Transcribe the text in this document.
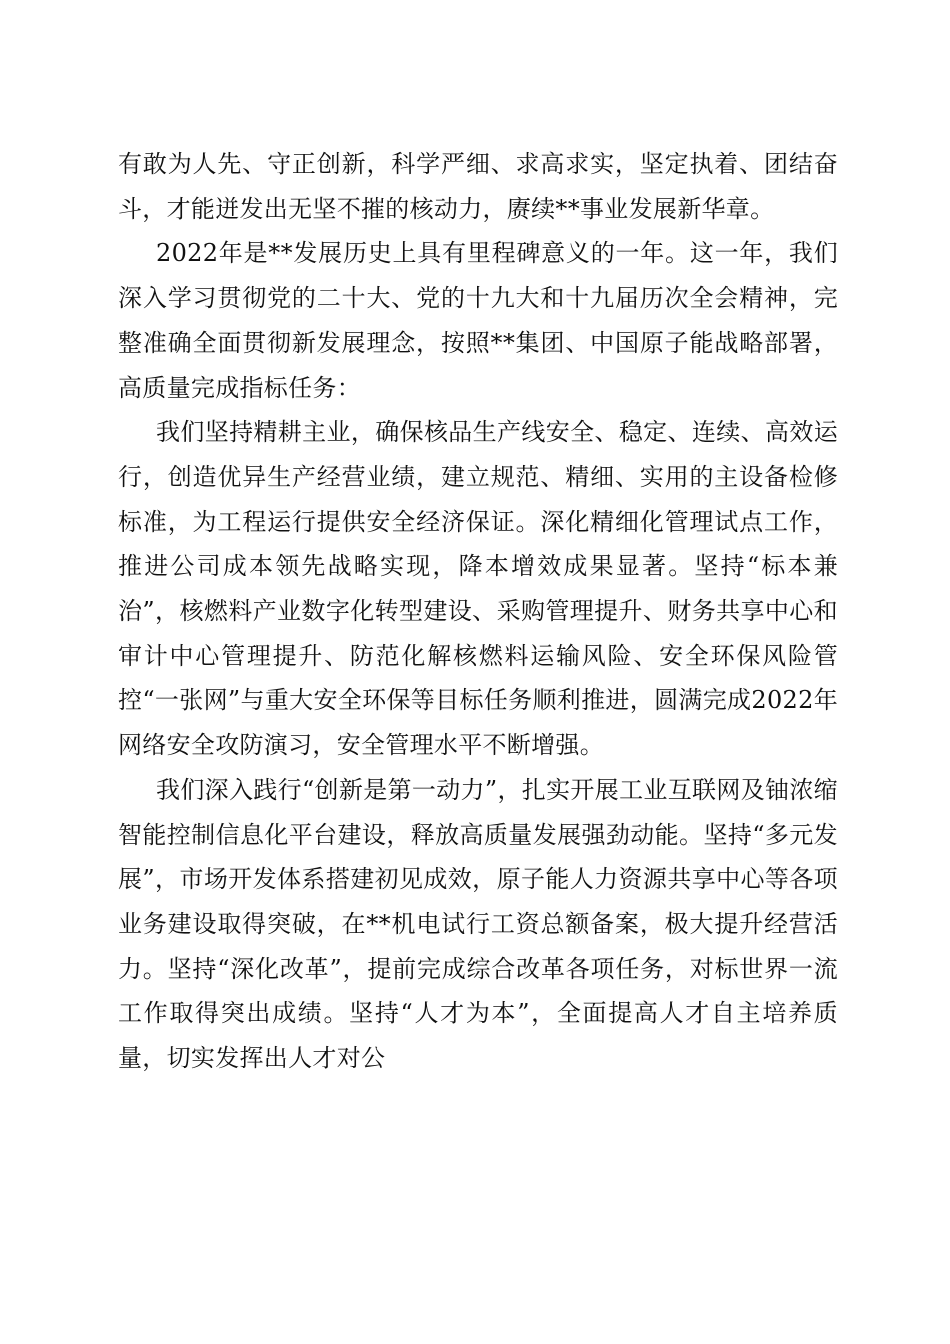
有敢为人先、守正创新，科学严细、求高求实，坚定执着、团结奋斗，才能迸发出无坚不摧的核动力，赓续**事业发展新华章。

2022年是**发展历史上具有里程碑意义的一年。这一年，我们深入学习贯彻党的二十大、党的十九大和十九届历次全会精神，完整准确全面贯彻新发展理念，按照**集团、中国原子能战略部署，高质量完成指标任务：

我们坚持精耕主业，确保核品生产线安全、稳定、连续、高效运行，创造优异生产经营业绩，建立规范、精细、实用的主设备检修标准，为工程运行提供安全经济保证。深化精细化管理试点工作，推进公司成本领先战略实现，降本增效成果显著。坚持“标本兼治”，核燃料产业数字化转型建设、采购管理提升、财务共享中心和审计中心管理提升、防范化解核燃料运输风险、安全环保风险管控“一张网”与重大安全环保等目标任务顺利推进，圆满完成2022年网络安全攻防演习，安全管理水平不断增强。

我们深入践行“创新是第一动力”，扎实开展工业互联网及铀浓缩智能控制信息化平台建设，释放高质量发展强劲动能。坚持“多元发展”，市场开发体系搭建初见成效，原子能人力资源共享中心等各项业务建设取得突破，在**机电试行工资总额备案，极大提升经营活力。坚持“深化改革”，提前完成综合改革各项任务，对标世界一流工作取得突出成绩。坚持“人才为本”，全面提高人才自主培养质量，切实发挥出人才对公
